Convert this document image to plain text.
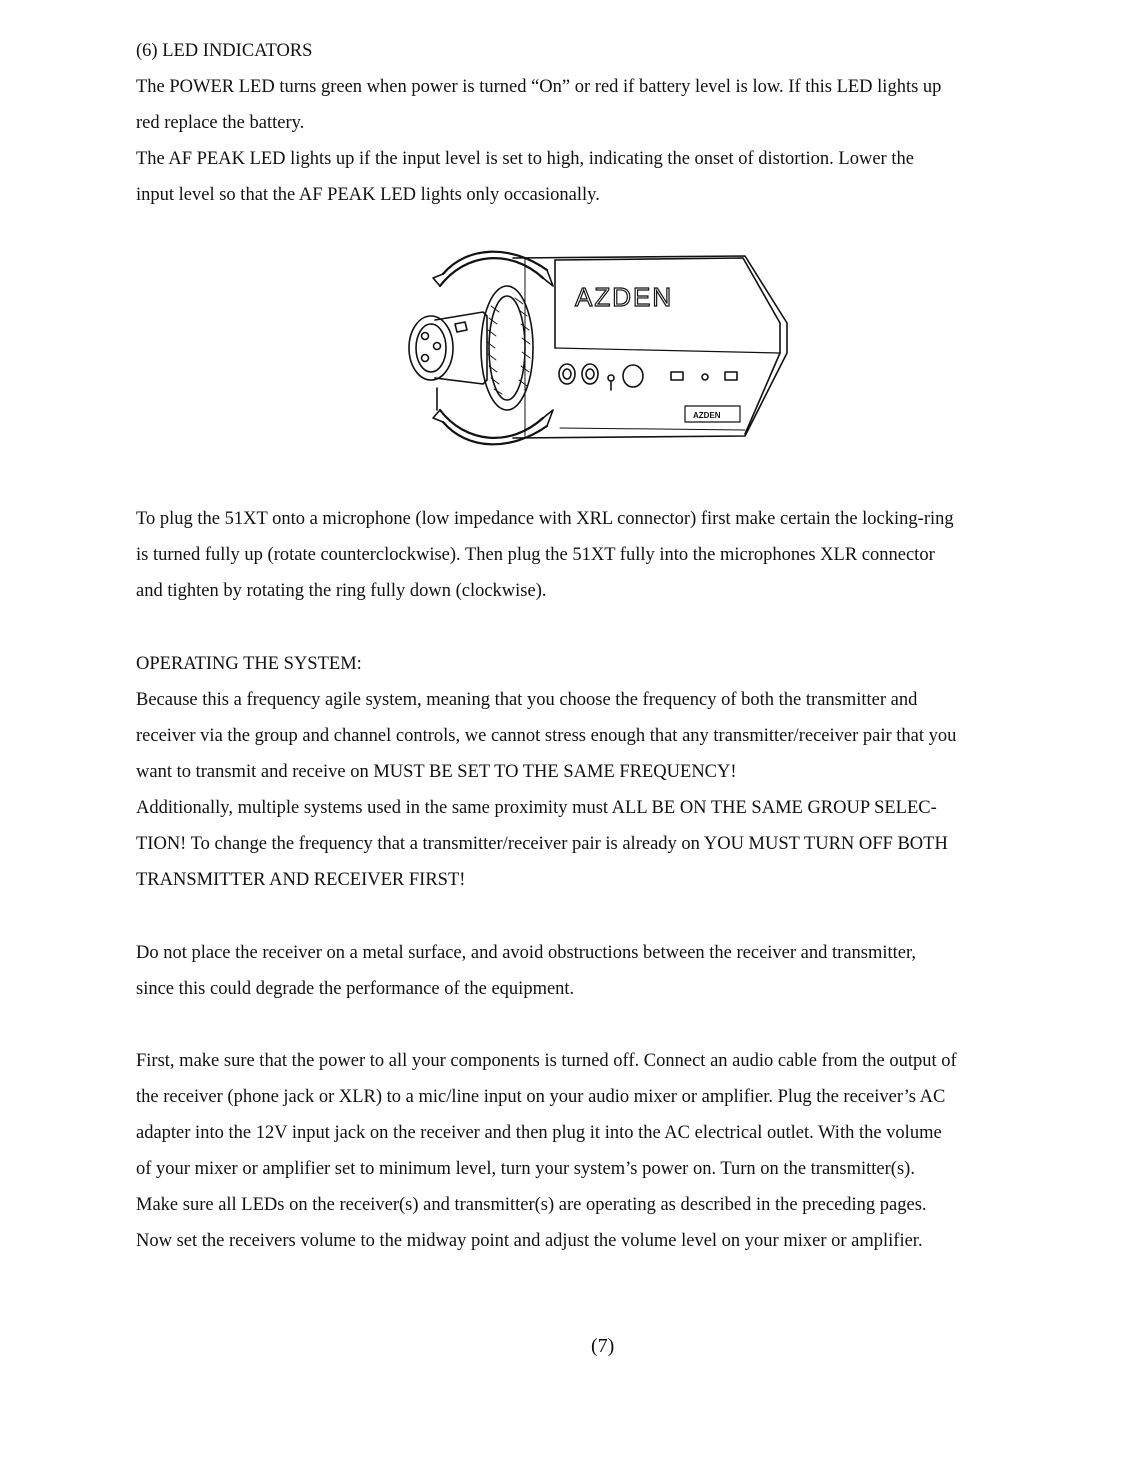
(6) LED INDICATORS
The POWER LED turns green when power is turned “On” or red if battery level is low. If this LED lights up
red replace the battery.
The AF PEAK LED lights up if the input level is set to high, indicating the onset of distortion. Lower the
input level so that the AF PEAK LED lights only occasionally.
AZDEN
AZDEN
To plug the 51XT onto a microphone (low impedance with XRL connector) first make certain the locking-ring
is turned fully up (rotate counterclockwise). Then plug the 51XT fully into the microphones XLR connector
and tighten by rotating the ring fully down (clockwise).
OPERATING THE SYSTEM:
Because this a frequency agile system, meaning that you choose the frequency of both the transmitter and
receiver via the group and channel controls, we cannot stress enough that any transmitter/receiver pair that you
want to transmit and receive on MUST BE SET TO THE SAME FREQUENCY!
Additionally, multiple systems used in the same proximity must ALL BE ON THE SAME GROUP SELEC-
TION! To change the frequency that a transmitter/receiver pair is already on YOU MUST TURN OFF BOTH
TRANSMITTER AND RECEIVER FIRST!
Do not place the receiver on a metal surface, and avoid obstructions between the receiver and transmitter,
since this could degrade the performance of the equipment.
First, make sure that the power to all your components is turned off. Connect an audio cable from the output of
the receiver (phone jack or XLR) to a mic/line input on your audio mixer or amplifier. Plug the receiver’s AC
adapter into the 12V input jack on the receiver and then plug it into the AC electrical outlet. With the volume
of your mixer or amplifier set to minimum level, turn your system’s power on. Turn on the transmitter(s).
Make sure all LEDs on the receiver(s) and transmitter(s) are operating as described in the preceding pages.
Now set the receivers volume to the midway point and adjust the volume level on your mixer or amplifier.
(7)
